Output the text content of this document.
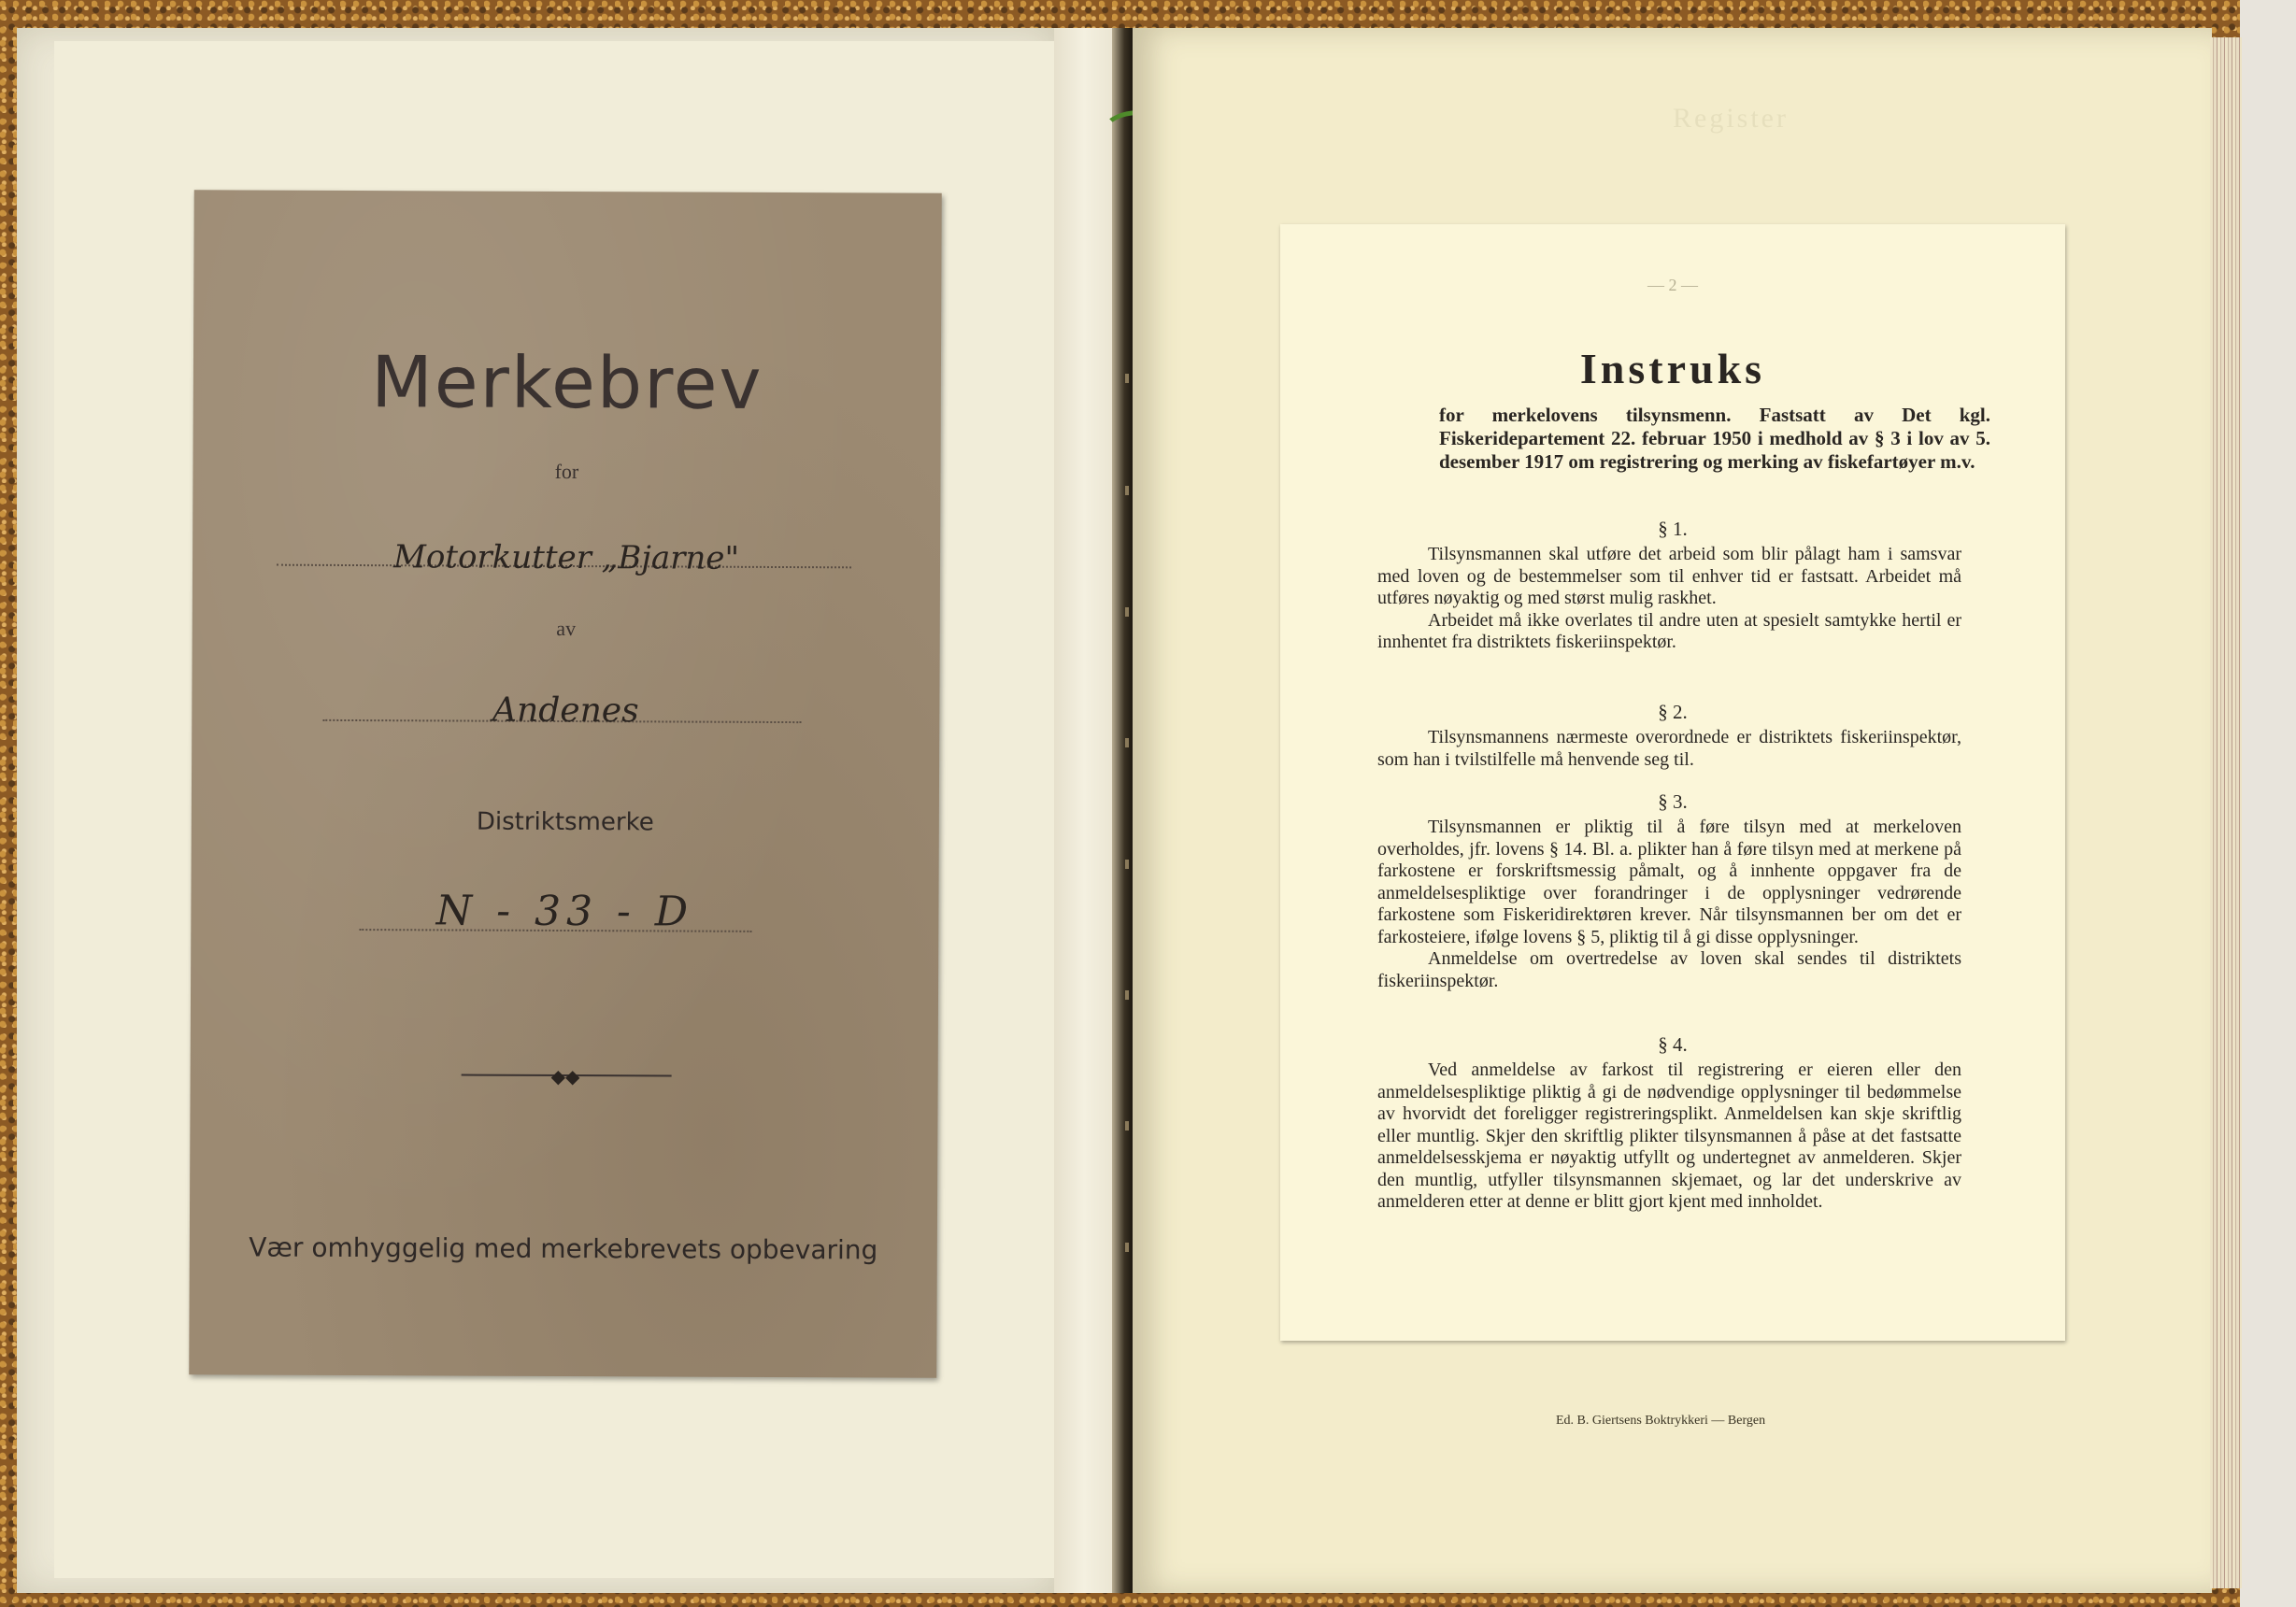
Register
Merkebrev
for
Motorkutter „Bjarne"
av
Andenes
Distriktsmerke
N - 33 - D
◆◆
Vær omhyggelig med merkebrevets opbevaring
— 2 —
Instruks
for merkelovens tilsynsmenn. Fastsatt av Det kgl. Fiskeridepartement 22. februar 1950 i medhold av § 3 i lov av 5. desember 1917 om registrering og merking av fiskefartøyer m.v.
§ 1.

Tilsynsmannen skal utføre det arbeid som blir pålagt ham i samsvar med loven og de bestemmelser som til enhver tid er fastsatt. Arbeidet må utføres nøyaktig og med størst mulig raskhet.

Arbeidet må ikke overlates til andre uten at spesielt samtykke hertil er innhentet fra distriktets fiskeriinspektør.

§ 2.

Tilsynsmannens nærmeste overordnede er distriktets fiskeriinspektør, som han i tvilstilfelle må henvende seg til.

§ 3.

Tilsynsmannen er pliktig til å føre tilsyn med at merkeloven overholdes, jfr. lovens § 14. Bl. a. plikter han å føre tilsyn med at merkene på farkostene er forskriftsmessig påmalt, og å innhente oppgaver fra de anmeldelsespliktige over forandringer i de opplysninger vedrørende farkostene som Fiskeridirektøren krever. Når tilsynsmannen ber om det er farkosteiere, ifølge lovens § 5, pliktig til å gi disse opplysninger.

Anmeldelse om overtredelse av loven skal sendes til distriktets fiskeriinspektør.

§ 4.

Ved anmeldelse av farkost til registrering er eieren eller den anmeldelsespliktige pliktig å gi de nødvendige opplysninger til bedømmelse av hvorvidt det foreligger registreringsplikt. Anmeldelsen kan skje skriftlig eller muntlig. Skjer den skriftlig plikter tilsynsmannen å påse at det fastsatte anmeldelsesskjema er nøyaktig utfyllt og undertegnet av anmelderen. Skjer den muntlig, utfyller tilsynsmannen skjemaet, og lar det underskrive av anmelderen etter at denne er blitt gjort kjent med innholdet.

Ed. B. Giertsens Boktrykkeri — Bergen
